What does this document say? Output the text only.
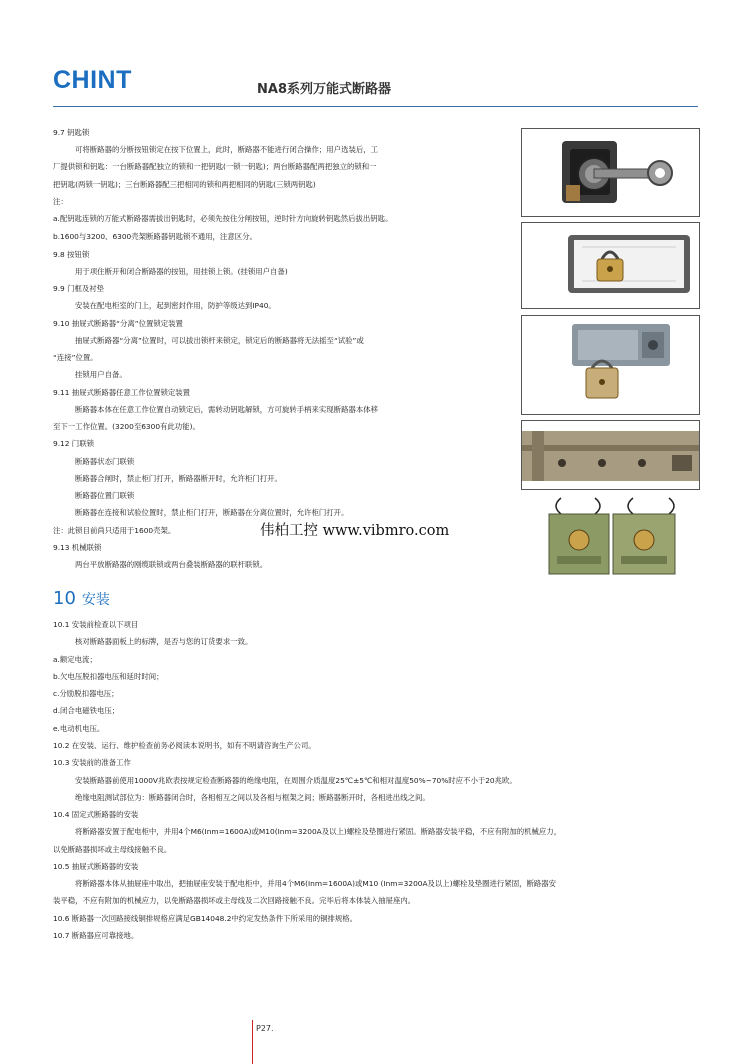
CHINT	NA8系列万能式断路器
9.7 钥匙锁
可将断路器的分断按钮锁定在按下位置上，此时，断路器不能进行闭合操作；用户选装后，工
厂提供锁和钥匙：一台断路器配独立的锁和一把钥匙(一锁一钥匙)；两台断路器配两把独立的锁和一
把钥匙(两锁一钥匙)；三台断路器配三把相同的锁和两把相同的钥匙(三锁两钥匙)
注：
a.配钥匙连锁的万能式断路器需拔出钥匙时，必须先按住分闸按钮，逆时针方向旋转钥匙然后拔出钥匙。
b.1600与3200、6300壳架断路器钥匙锁不通用，注意区分。
9.8 按钮锁
用于项住断开和闭合断路器的按钮，用挂锁上锁。(挂锁用户自备)
9.9 门框及衬垫
安装在配电柜室的门上，起到密封作用，防护等级达到IP40。
9.10 抽屉式断路器“分离”位置锁定装置
抽屉式断路器“分离”位置时，可以拔出锁杆来锁定，锁定后的断路器将无法摇至“试验”或
“连接”位置。
挂锁用户自备。
9.11 抽屉式断路器任意工作位置锁定装置
断路器本体在任意工作位置自动锁定后，需转动钥匙解锁，方可旋转手柄来实现断路器本体移
至下一工作位置。(3200至6300有此功能)。
9.12 门联锁
断路器状态门联锁
断路器合闸时，禁止柜门打开，断路器断开时，允许柜门打开。
断路器位置门联锁
断路器在连接和试验位置时，禁止柜门打开，断路器在分离位置时，允许柜门打开。
注：此锁目前尚只适用于1600壳架。
9.13 机械联锁
两台平放断路器的刚缆联锁或两台叠装断路器的联杆联锁。
伟柏工控 www.vibmro.com
10 安装
10.1 安装前检查以下项目
核对断路器面板上的标牌，是否与您的订货要求一致。
a.额定电流；
b.欠电压脱扣器电压和延时时间；
c.分励脱扣器电压；
d.闭合电磁铁电压；
e.电动机电压。
10.2 在安装、运行、维护检查前务必阅读本说明书，如有不明请咨询生产公司。
10.3 安装前的准备工作
安装断路器前使用1000V兆欧表按规定检查断路器的绝缘电阻，在周围介质温度25℃±5℃和相对温度50%~70%时应不小于20兆欧。
绝缘电阻测试部位为：断路器闭合时，各相相互之间以及各相与框架之间；断路器断开时，各相进出线之间。
10.4 固定式断路器的安装
将断路器安置于配电柜中，并用4个M6(Inm=1600A)或M10(Inm=3200A及以上)螺栓及垫圈进行紧固。断路器安装平稳，不应有附加的机械应力，
以免断路器损坏或主母线接触不良。
10.5 抽屉式断路器的安装
将断路器本体从抽屉座中取出，把抽屉座安装于配电柜中，并用4个M6(Inm=1600A)或M10 (Inm=3200A及以上)螺栓及垫圈进行紧固，断路器安
装平稳，不应有附加的机械应力，以免断路器损坏或主母线及二次回路接触不良。完毕后将本体装入抽屉座内。
10.6 断路器一次回路接线铜排规格应满足GB14048.2中约定发热条件下所采用的铜排规格。
10.7 断路器应可靠接地。
P27.
